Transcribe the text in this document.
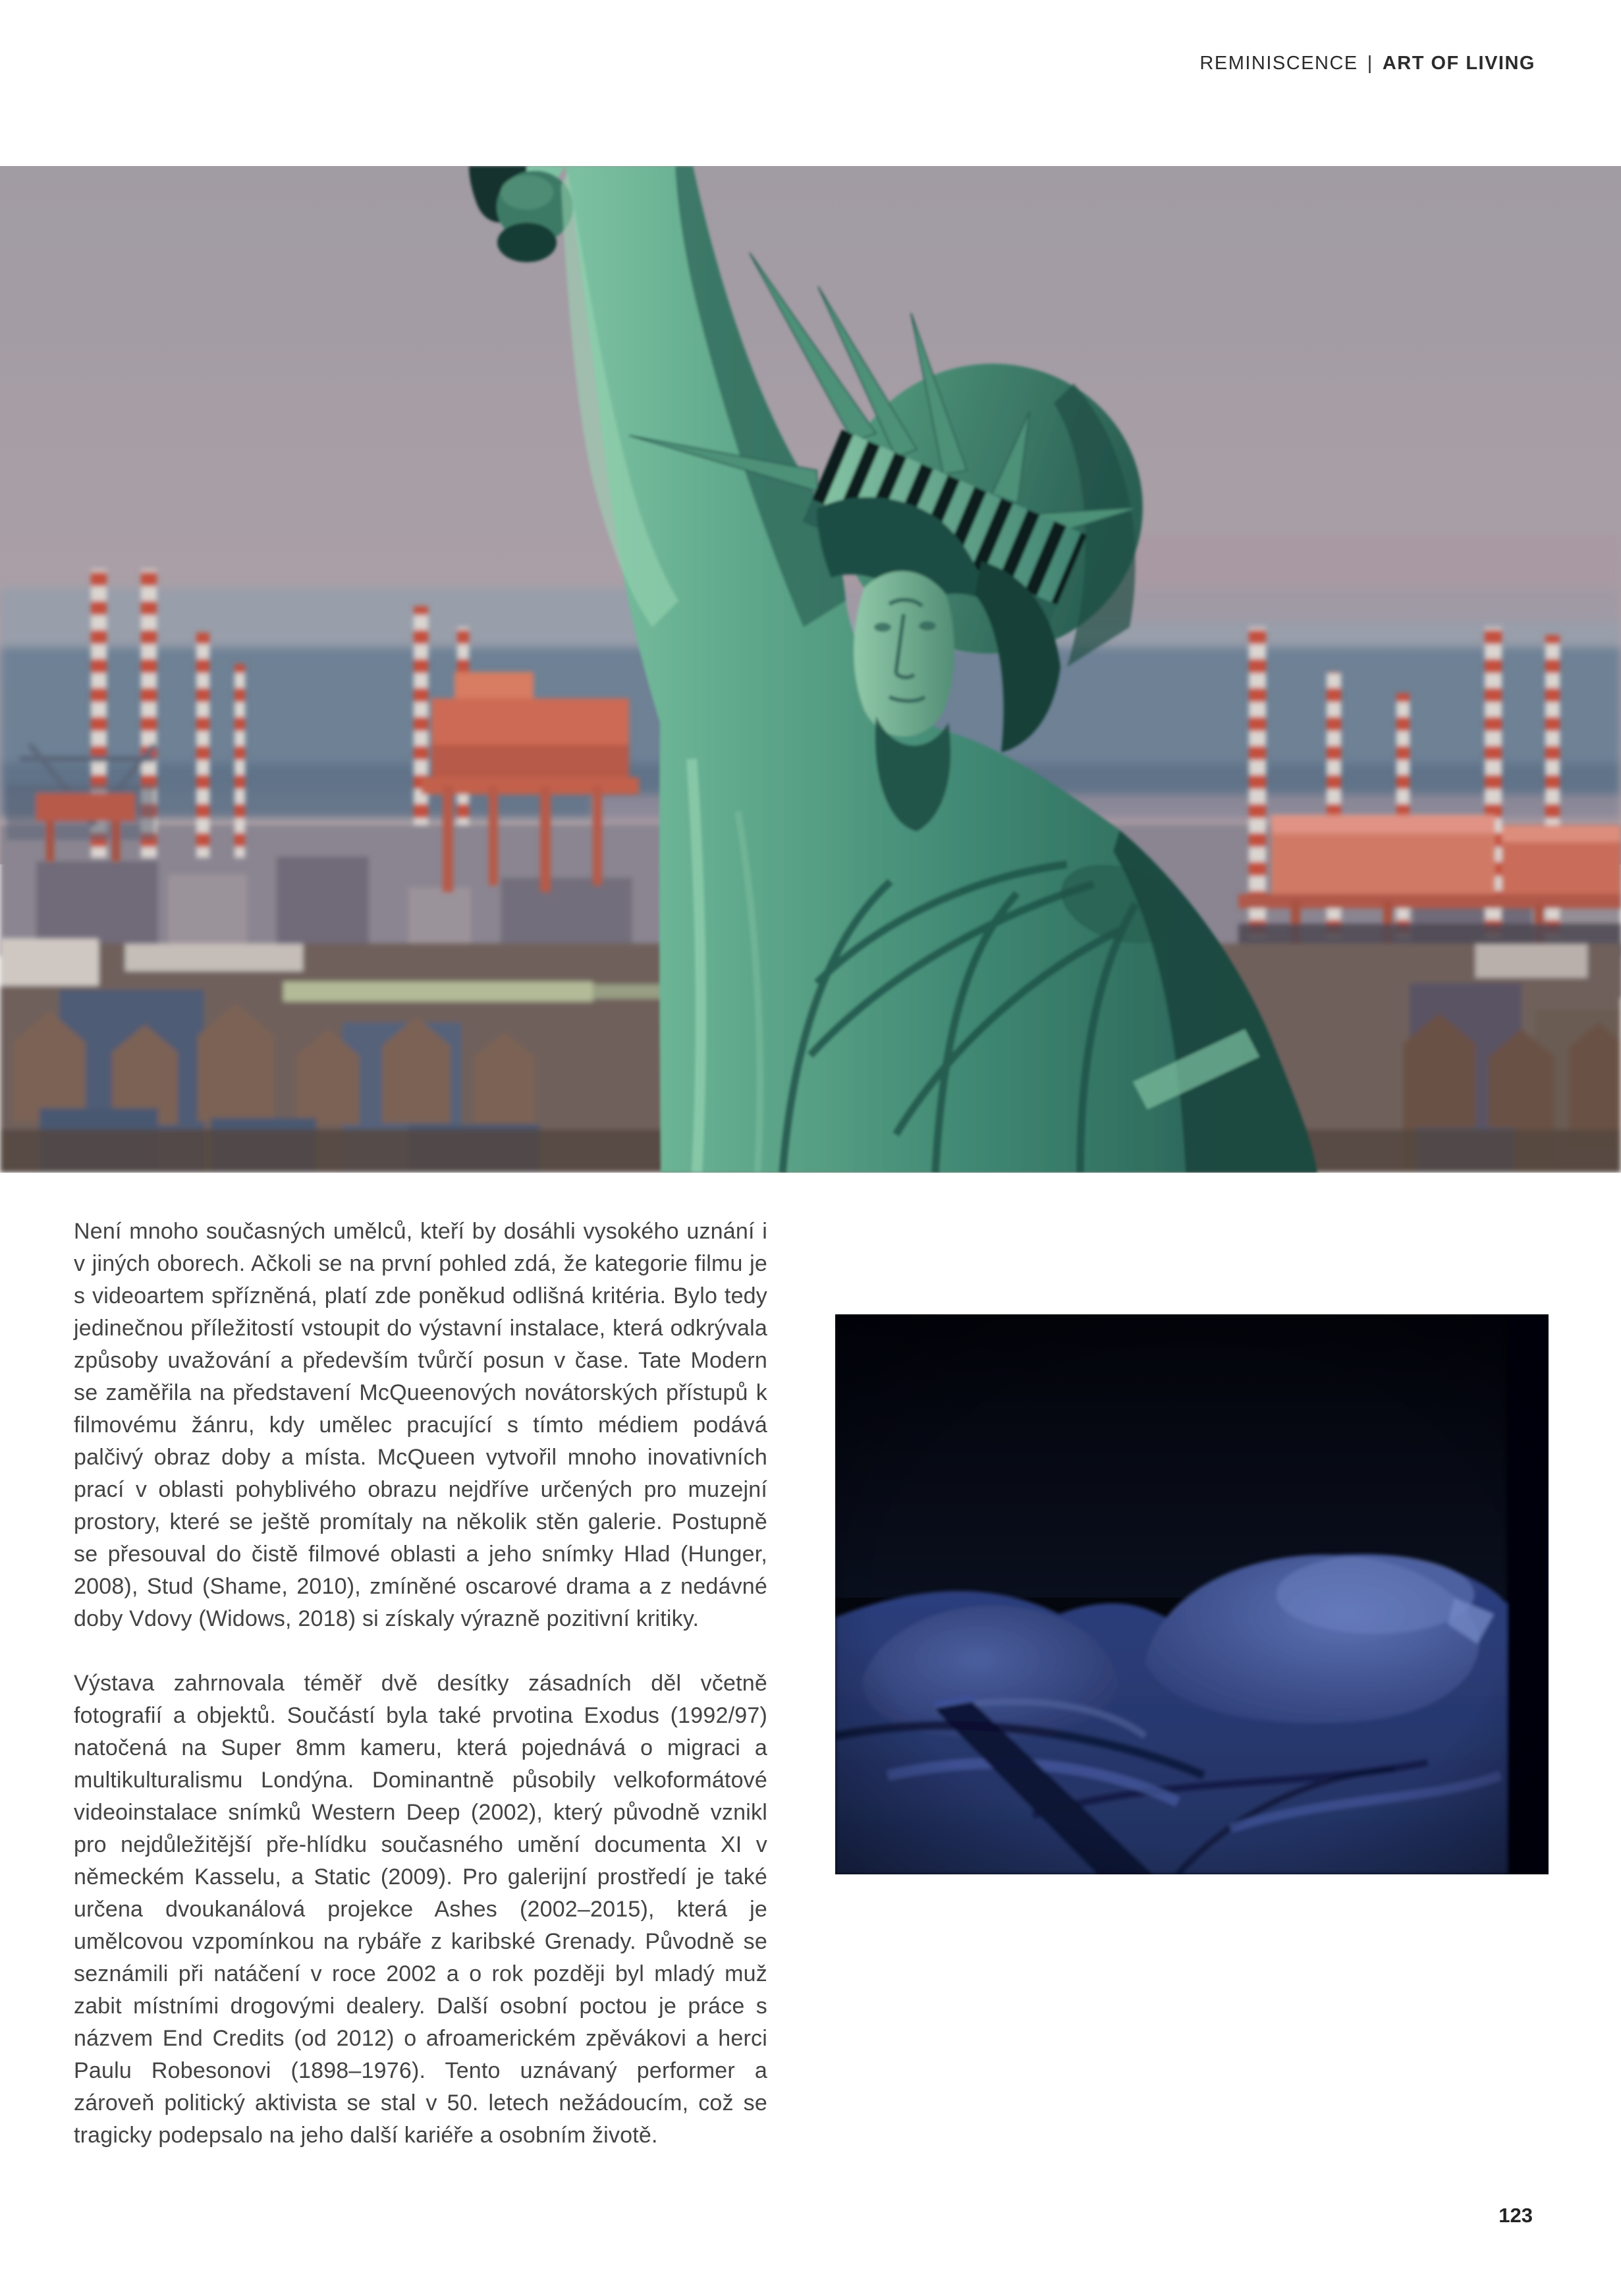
REMINISCENCE | ART OF LIVING

Není mnoho současných umělců, kteří by dosáhli vysokého uznání i v jiných oborech. Ačkoli se na první pohled zdá, že kategorie filmu je s videoartem spřízněná, platí zde poněkud odlišná kritéria. Bylo tedy jedinečnou příležitostí vstoupit do výstavní instalace, která odkrývala způsoby uvažování a především tvůrčí posun v čase. Tate Modern se zaměřila na představení McQueenových novátorských přístupů k filmovému žánru, kdy umělec pracující s tímto médiem podává palčivý obraz doby a místa. McQueen vytvořil mnoho inovativních prací v oblasti pohyblivého obrazu nejdříve určených pro muzejní prostory, které se ještě promítaly na několik stěn galerie. Postupně se přesouval do čistě filmové oblasti a jeho snímky Hlad (Hunger, 2008), Stud (Shame, 2010), zmíněné oscarové drama a z nedávné doby Vdovy (Widows, 2018) si získaly výrazně pozitivní kritiky.

Výstava zahrnovala téměř dvě desítky zásadních děl včetně fotografií a objektů. Součástí byla také prvotina Exodus (1992/97) natočená na Super 8mm kameru, která pojednává o migraci a multikulturalismu Londýna. Dominantně působily velkoformátové videoinstalace snímků Western Deep (2002), který původně vznikl pro nejdůležitější pře-hlídku současného umění documenta XI v německém Kasselu, a Static (2009). Pro galerijní prostředí je také určena dvoukanálová projekce Ashes (2002–2015), která je umělcovou vzpomínkou na rybáře z karibské Grenady. Původně se seznámili při natáčení v roce 2002 a o rok později byl mladý muž zabit místními drogovými dealery. Další osobní poctou je práce s názvem End Credits (od 2012) o afroamerickém zpěvákovi a herci Paulu Robesonovi (1898–1976). Tento uznávaný performer a zároveň politický aktivista se stal v 50. letech nežádoucím, což se tragicky podepsalo na jeho další kariéře a osobním životě.

123
